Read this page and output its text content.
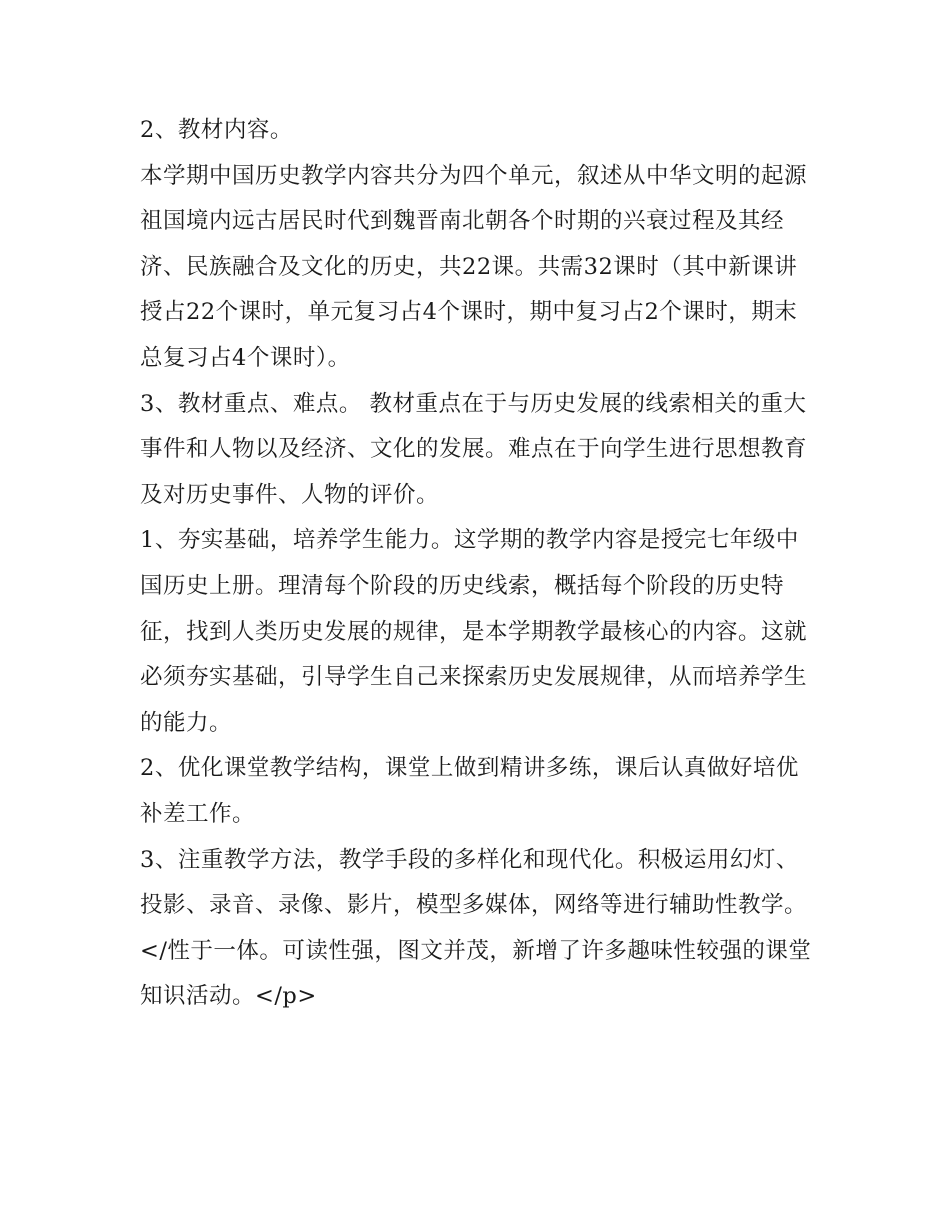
2、教材内容。

本学期中国历史教学内容共分为四个单元，叙述从中华文明的起源祖国境内远古居民时代到魏晋南北朝各个时期的兴衰过程及其经济、民族融合及文化的历史，共22课。共需32课时（其中新课讲授占22个课时，单元复习占4个课时，期中复习占2个课时，期末总复习占4个课时）。

3、教材重点、难点。 教材重点在于与历史发展的线索相关的重大事件和人物以及经济、文化的发展。难点在于向学生进行思想教育及对历史事件、人物的评价。

1、夯实基础，培养学生能力。这学期的教学内容是授完七年级中国历史上册。理清每个阶段的历史线索，概括每个阶段的历史特征，找到人类历史发展的规律，是本学期教学最核心的内容。这就必须夯实基础，引导学生自己来探索历史发展规律，从而培养学生的能力。

2、优化课堂教学结构，课堂上做到精讲多练，课后认真做好培优补差工作。

3、注重教学方法，教学手段的多样化和现代化。积极运用幻灯、投影、录音、录像、影片，模型多媒体，网络等进行辅助性教学。</性于一体。可读性强，图文并茂，新增了许多趣味性较强的课堂知识活动。</p>
